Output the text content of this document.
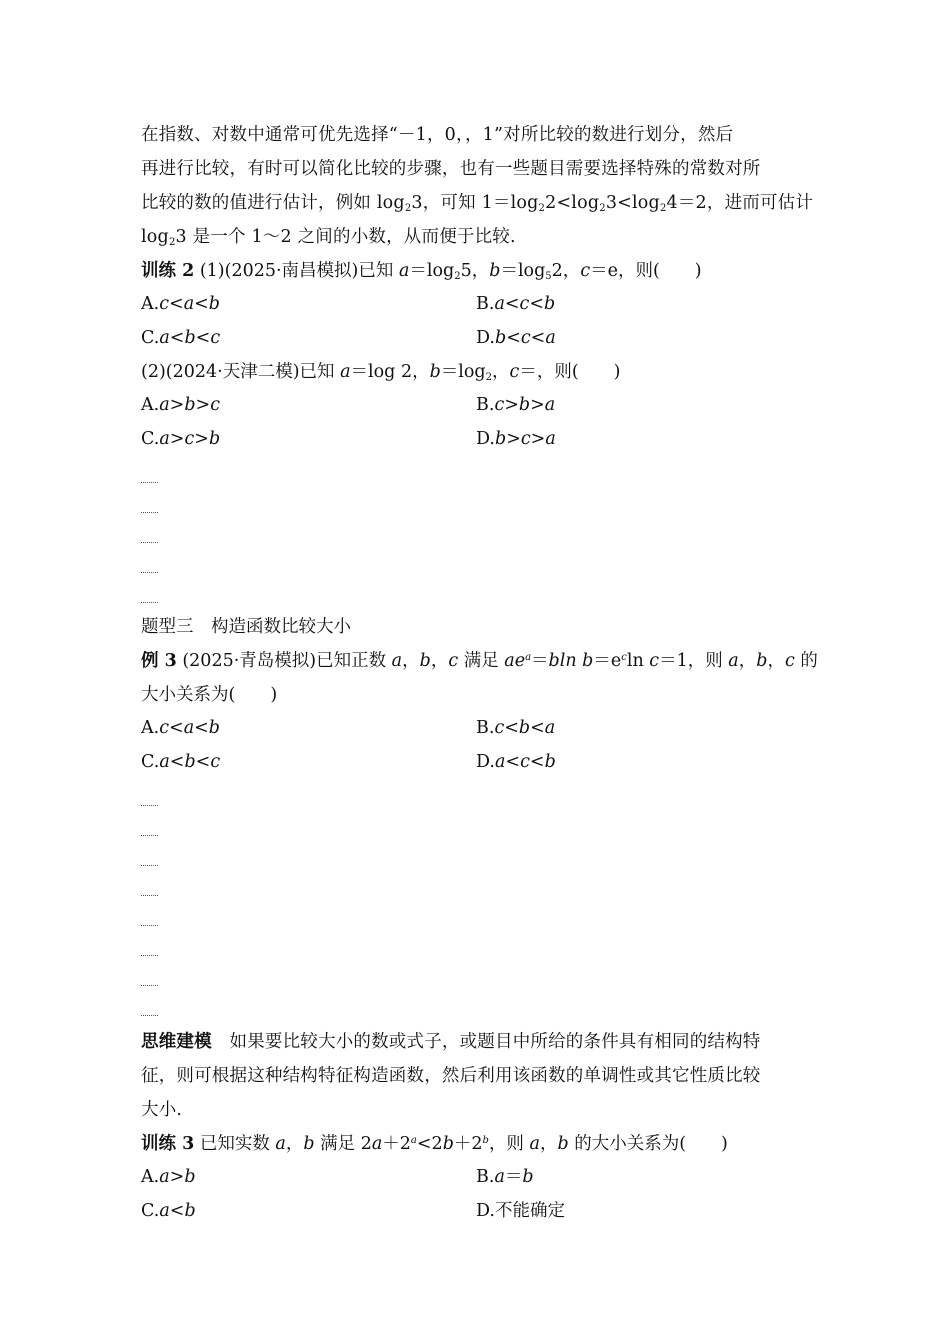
在指数、对数中通常可优先选择“－1，0，，1”对所比较的数进行划分，然后
再进行比较，有时可以简化比较的步骤，也有一些题目需要选择特殊的常数对所
比较的数的值进行估计，例如 $\log_23$，可知 $1=\log_22<\log_23<\log_24=2$，进而可估计
$\log_23$ 是一个 1～2 之间的小数，从而便于比较.
训练 2 (1)(2025·南昌模拟)已知 $a=\log_25$，$b=\log_52$，c＝e，则(　　)
A.c<a<b	B.a<c<b
C.a<b<c	D.b<c<a
(2)(2024·天津二模)已知 a＝log 2，$b=\log_2$，c＝，则(　　)
A.a>b>c	B.c>b>a
C.a>c>b	D.b>c>a
题型三　构造函数比较大小
例 3 (2025·青岛模拟)已知正数 a，b，c 满足 $ae^a=bln$ $b=e^c\ln$ c＝1，则 a，b，c 的
大小关系为(　　)
A.c<a<b	B.c<b<a
C.a<b<c	D.a<c<b
思维建模　如果要比较大小的数或式子，或题目中所给的条件具有相同的结构特
征，则可根据这种结构特征构造函数，然后利用该函数的单调性或其它性质比较
大小.
训练 3 已知实数 a，b 满足 $2a+2^a<2b+2^b$，则 a，b 的大小关系为(　　)
A.a>b	B.a＝b
C.a<b	D.不能确定
